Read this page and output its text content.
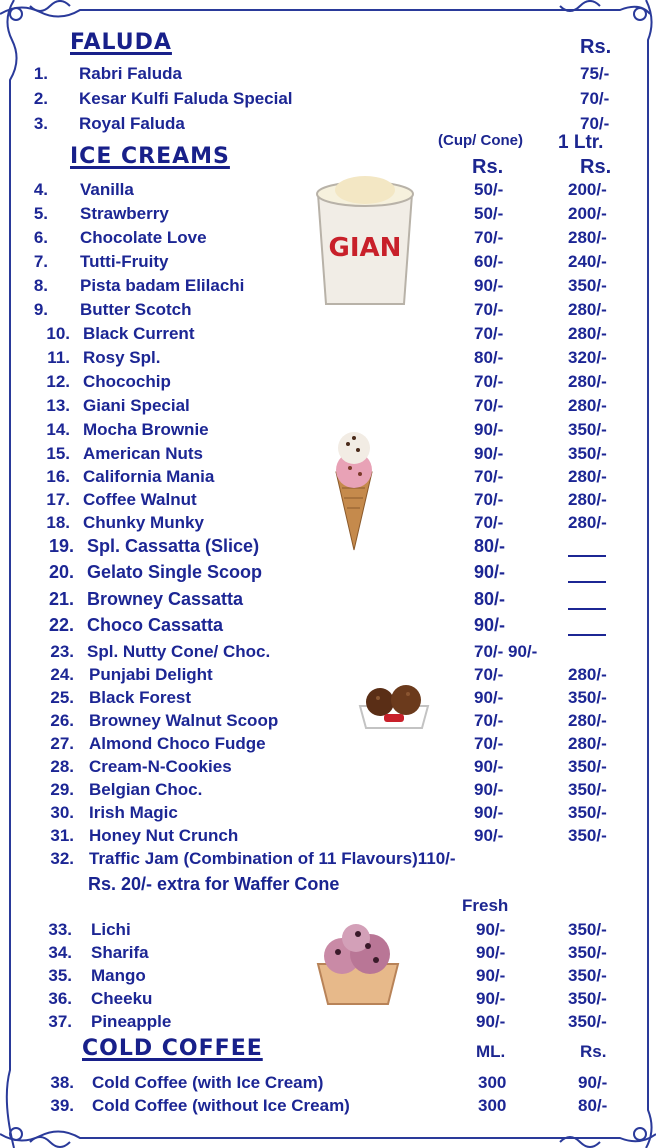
FALUDA	Rs.
1. Rabri Faluda	75/-
2. Kesar Kulfi Faluda Special	70/-
3. Royal Faluda	70/-
ICE CREAMS
(Cup/ Cone) 1 Ltr.
Rs.	Rs.
4. Vanilla	50/-	200/-
5. Strawberry	50/-	200/-
6. Chocolate Love	70/-	280/-
7. Tutti-Fruity	60/-	240/-
8. Pista badam Elilachi	90/-	350/-
9. Butter Scotch	70/-	280/-
10. Black Current	70/-	280/-
11. Rosy Spl.	80/-	320/-
12. Chocochip	70/-	280/-
13. Giani Special	70/-	280/-
14. Mocha Brownie	90/-	350/-
15. American Nuts	90/-	350/-
16. California Mania	70/-	280/-
17. Coffee Walnut	70/-	280/-
18. Chunky Munky	70/-	280/-
19. Spl. Cassatta (Slice)	80/-
20. Gelato Single Scoop	90/-
21. Browney Cassatta	80/-
22. Choco Cassatta	90/-
23. Spl. Nutty Cone/ Choc.	70/- 90/-
24. Punjabi Delight	70/-	280/-
25. Black Forest	90/-	350/-
26. Browney Walnut Scoop	70/-	280/-
27. Almond Choco Fudge	70/-	280/-
28. Cream-N-Cookies	90/-	350/-
29. Belgian Choc.	90/-	350/-
30. Irish Magic	90/-	350/-
31. Honey Nut Crunch	90/-	350/-
32. Traffic Jam (Combination of 11 Flavours)110/-
Rs. 20/- extra for Waffer Cone
Fresh
33. Lichi	90/-	350/-
34. Sharifa	90/-	350/-
35. Mango	90/-	350/-
36. Cheeku	90/-	350/-
37. Pineapple	90/-	350/-
COLD COFFEE	ML.	Rs.
38. Cold Coffee (with Ice Cream)	300	90/-
39. Cold Coffee (without Ice Cream)	300	80/-
GIAN
